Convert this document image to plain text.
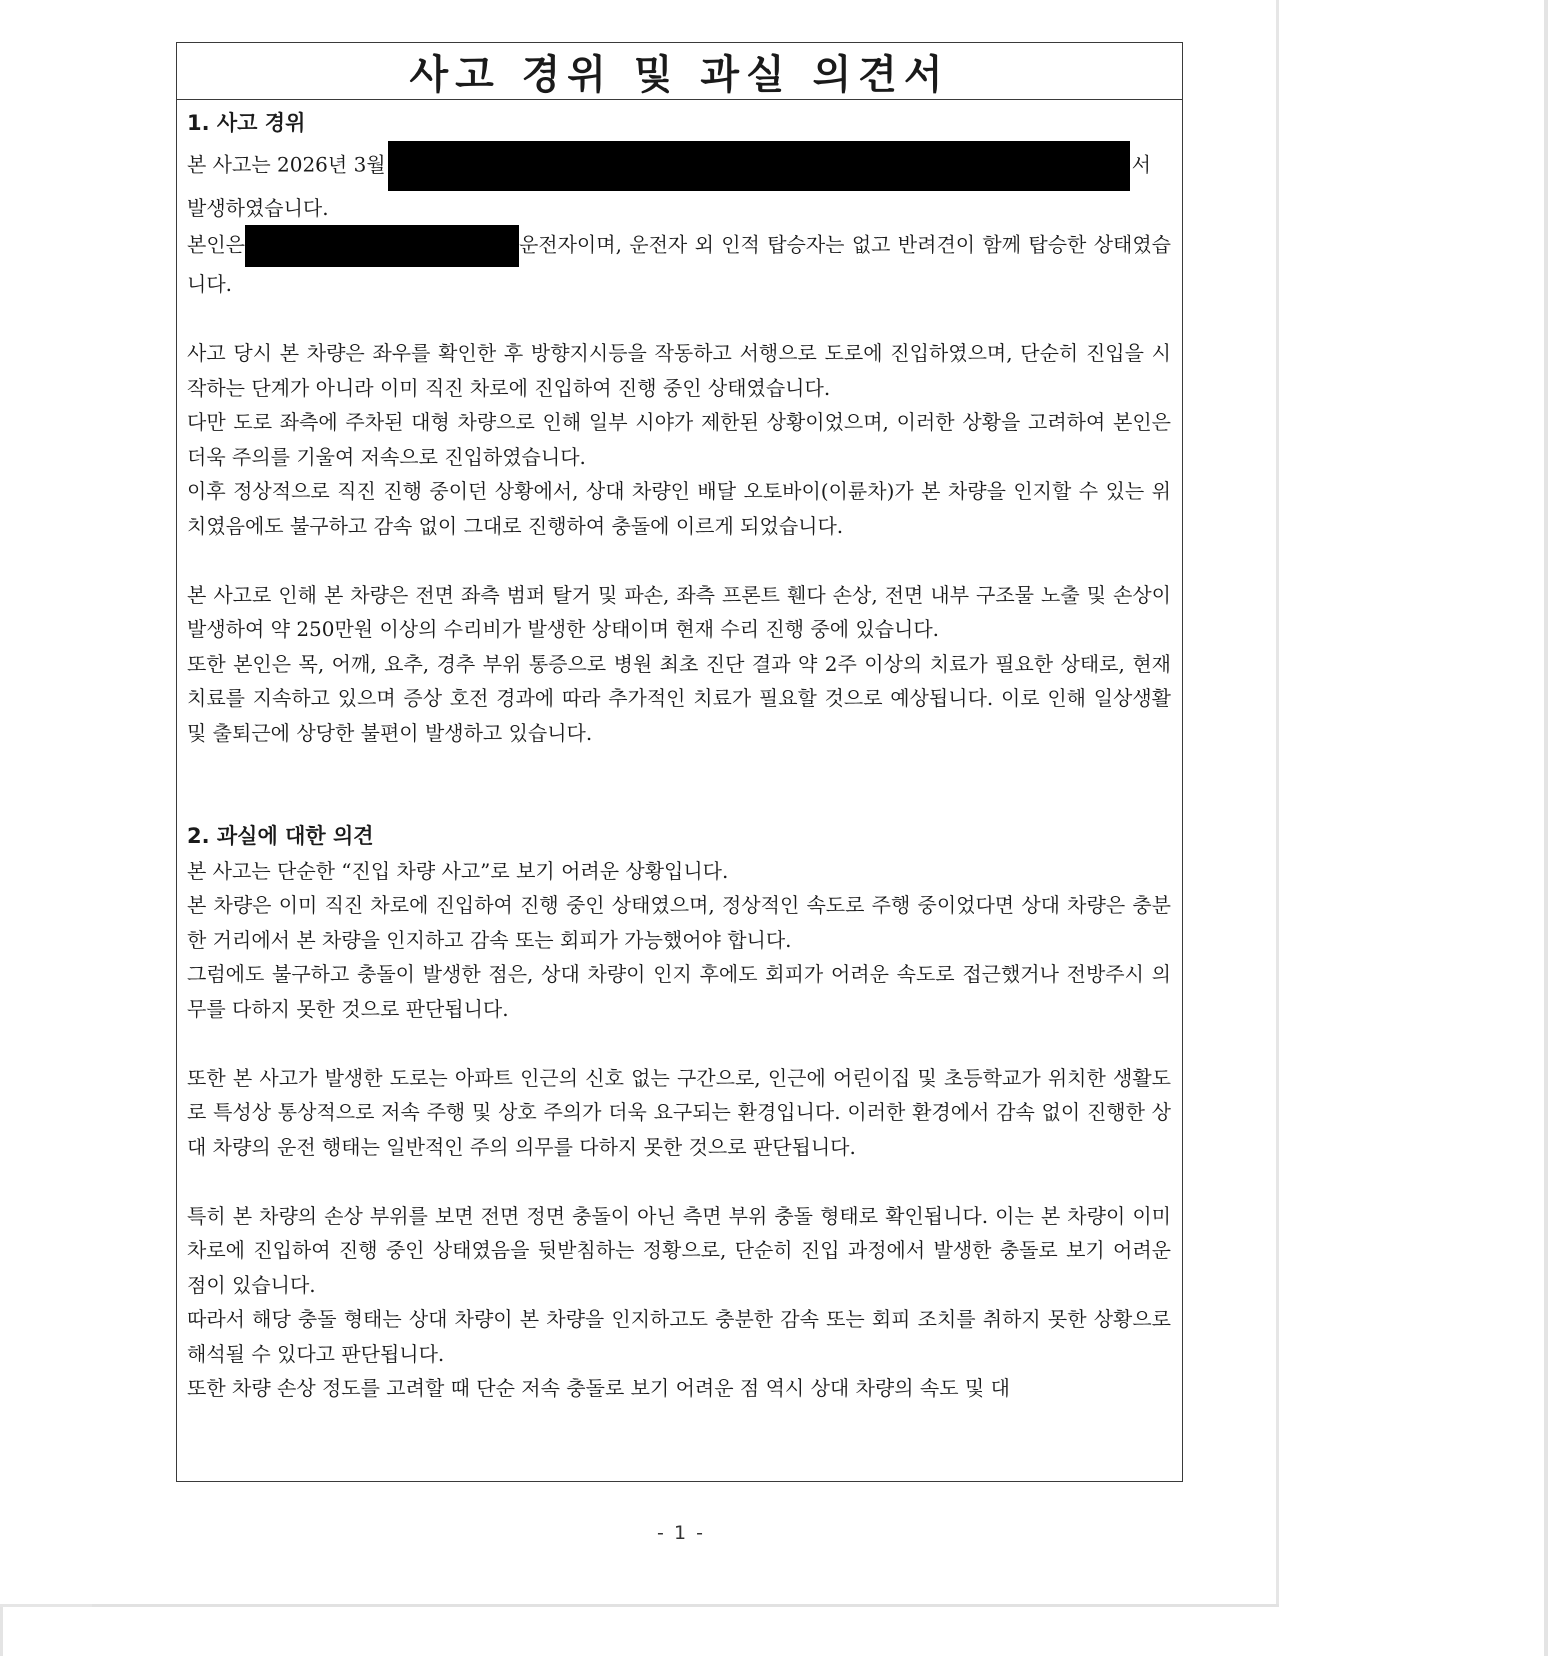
사고 경위 및 과실 의견서
1. 사고 경위
본 사고는 2026년 3월	서
발생하였습니다.
본인은	운전자이며, 운전자 외 인적 탑승자는 없고 반려견이 함께 탑승한 상태였습니다.
사고 당시 본 차량은 좌우를 확인한 후 방향지시등을 작동하고 서행으로 도로에 진입하였으며, 단순히 진입을 시작하는 단계가 아니라 이미 직진 차로에 진입하여 진행 중인 상태였습니다.
다만 도로 좌측에 주차된 대형 차량으로 인해 일부 시야가 제한된 상황이었으며, 이러한 상황을 고려하여 본인은 더욱 주의를 기울여 저속으로 진입하였습니다.
이후 정상적으로 직진 진행 중이던 상황에서, 상대 차량인 배달 오토바이(이륜차)가 본 차량을 인지할 수 있는 위치였음에도 불구하고 감속 없이 그대로 진행하여 충돌에 이르게 되었습니다.
본 사고로 인해 본 차량은 전면 좌측 범퍼 탈거 및 파손, 좌측 프론트 휀다 손상, 전면 내부 구조물 노출 및 손상이 발생하여 약 250만원 이상의 수리비가 발생한 상태이며 현재 수리 진행 중에 있습니다.
또한 본인은 목, 어깨, 요추, 경추 부위 통증으로 병원 최초 진단 결과 약 2주 이상의 치료가 필요한 상태로, 현재 치료를 지속하고 있으며 증상 호전 경과에 따라 추가적인 치료가 필요할 것으로 예상됩니다. 이로 인해 일상생활 및 출퇴근에 상당한 불편이 발생하고 있습니다.
2. 과실에 대한 의견
본 사고는 단순한 “진입 차량 사고”로 보기 어려운 상황입니다.
본 차량은 이미 직진 차로에 진입하여 진행 중인 상태였으며, 정상적인 속도로 주행 중이었다면 상대 차량은 충분한 거리에서 본 차량을 인지하고 감속 또는 회피가 가능했어야 합니다.
그럼에도 불구하고 충돌이 발생한 점은, 상대 차량이 인지 후에도 회피가 어려운 속도로 접근했거나 전방주시 의무를 다하지 못한 것으로 판단됩니다.
또한 본 사고가 발생한 도로는 아파트 인근의 신호 없는 구간으로, 인근에 어린이집 및 초등학교가 위치한 생활도로 특성상 통상적으로 저속 주행 및 상호 주의가 더욱 요구되는 환경입니다. 이러한 환경에서 감속 없이 진행한 상대 차량의 운전 행태는 일반적인 주의 의무를 다하지 못한 것으로 판단됩니다.
특히 본 차량의 손상 부위를 보면 전면 정면 충돌이 아닌 측면 부위 충돌 형태로 확인됩니다. 이는 본 차량이 이미 차로에 진입하여 진행 중인 상태였음을 뒷받침하는 정황으로, 단순히 진입 과정에서 발생한 충돌로 보기 어려운 점이 있습니다.
따라서 해당 충돌 형태는 상대 차량이 본 차량을 인지하고도 충분한 감속 또는 회피 조치를 취하지 못한 상황으로 해석될 수 있다고 판단됩니다.
또한 차량 손상 정도를 고려할 때 단순 저속 충돌로 보기 어려운 점 역시 상대 차량의 속도 및 대
- 1 -
